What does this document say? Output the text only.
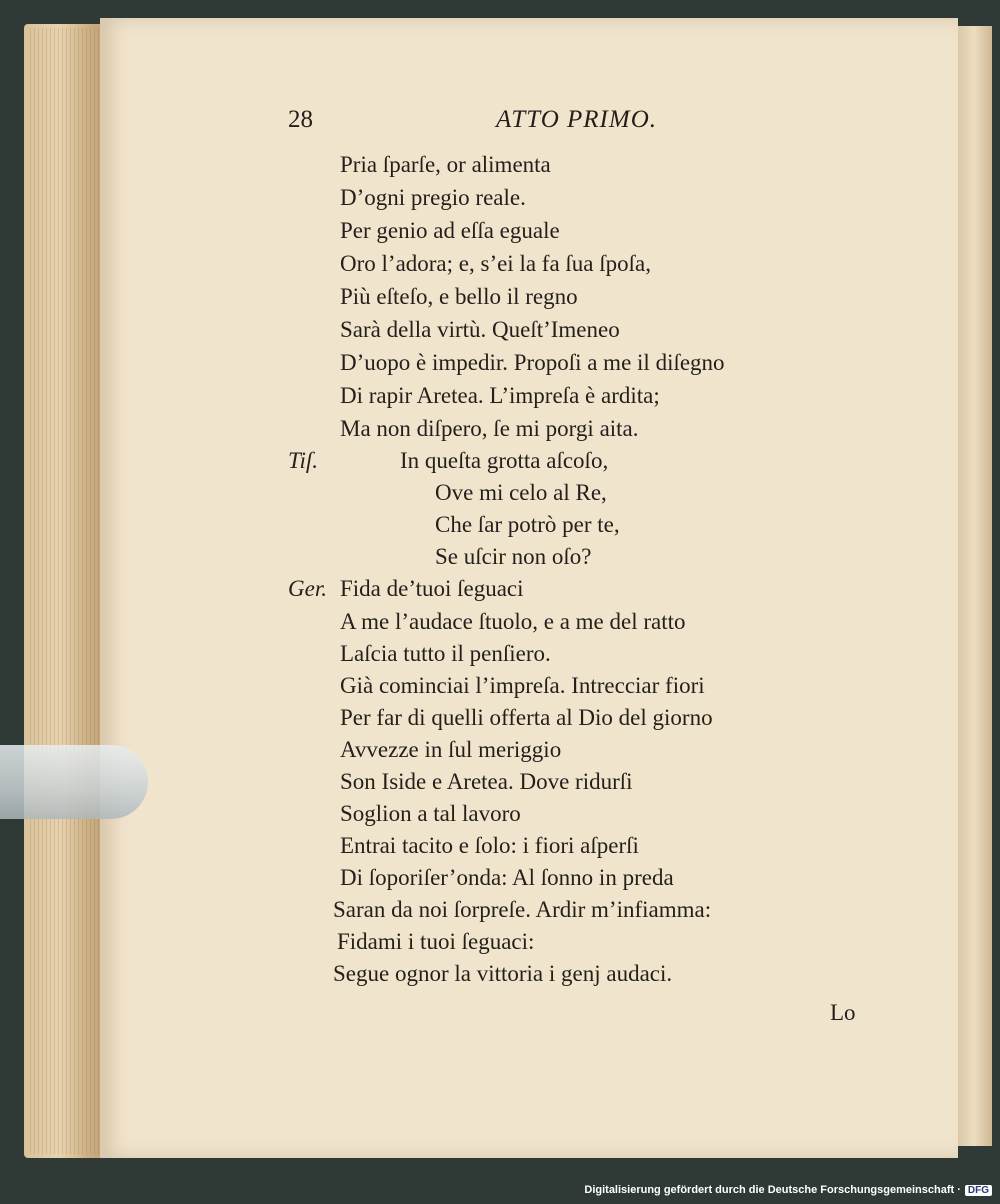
28	ATTO PRIMO.
Pria ſparſe, or alimenta
D’ogni pregio reale.
Per genio ad eſſa eguale
Oro l’adora; e, s’ei la fa ſua ſpoſa,
Più eſteſo, e bello il regno
Sarà della virtù. Queſt’Imeneo
D’uopo è impedir. Propoſi a me il diſegno
Di rapir Aretea. L’impreſa è ardita;
Ma non diſpero, ſe mi porgi aita.
Tiſ.	In queſta grotta aſcoſo,
Ove mi celo al Re,
Che ſar potrò per te,
Se uſcir non oſo?
Ger. Fida de’tuoi ſeguaci
A me l’audace ſtuolo, e a me del ratto
Laſcia tutto il penſiero.
Già cominciai l’impreſa. Intrecciar fiori
Per far di quelli offerta al Dio del giorno
Avvezze in ſul meriggio
Son Iside e Aretea. Dove ridurſi
Soglion a tal lavoro
Entrai tacito e ſolo: i fiori aſperſi
Di ſoporiſer’onda: Al ſonno in preda
Saran da noi ſorpreſe. Ardir m’infiamma:
Fidami i tuoi ſeguaci:
Segue ognor la vittoria i genj audaci.
Lo
Digitalisierung gefördert durch die Deutsche Forschungsgemeinschaft · DFG
